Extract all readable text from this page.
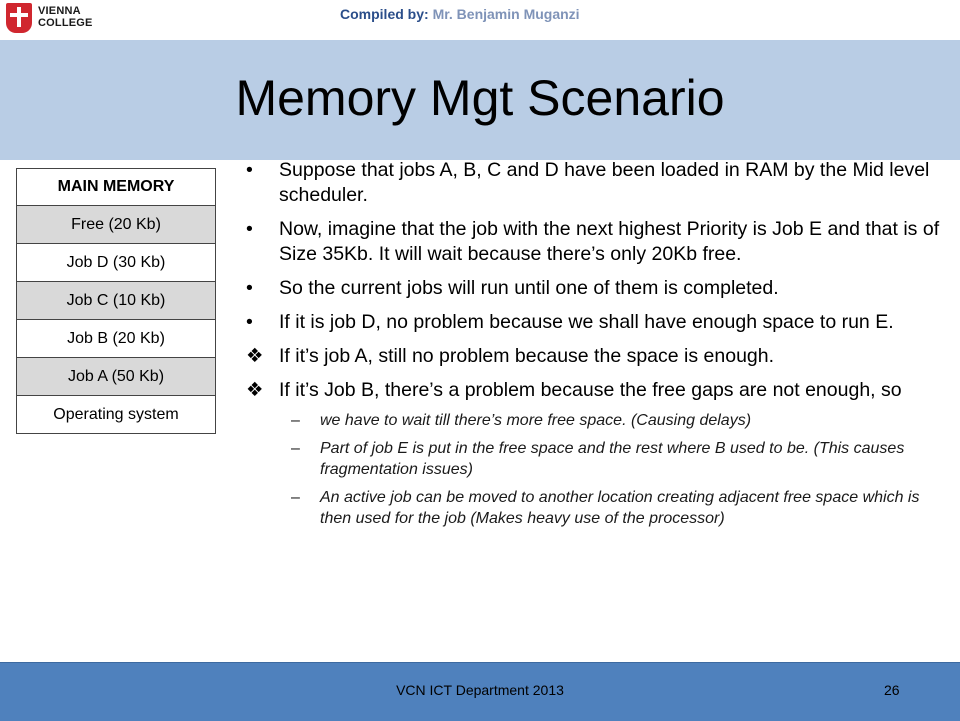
VIENNA
COLLEGE
Compiled by: Mr. Benjamin Muganzi
Memory Mgt Scenario
MAIN MEMORY
Free (20 Kb)
Job D (30 Kb)
Job C (10 Kb)
Job B (20 Kb)
Job A (50 Kb)
Operating system
•	Suppose that jobs A, B, C and D have been loaded in RAM by the Mid level scheduler.
•	Now, imagine that the job with the next highest Priority is Job E and that is of Size 35Kb. It will wait because there’s only 20Kb free.
•	So the current jobs will run until one of them is completed.
•	If it is job D, no problem because we shall have enough space to run E.
❖ If it’s job A, still no problem because the space is enough.
❖ If it’s Job B, there’s a problem because the free gaps are not enough, so
– we have to wait till there’s more free space. (Causing delays)
– Part of job E is put in the free space and the rest where B used to be. (This causes fragmentation issues)
– An active job can be moved to another location creating adjacent free space which is then used for the job (Makes heavy use of the processor)
VCN ICT Department 2013	26
